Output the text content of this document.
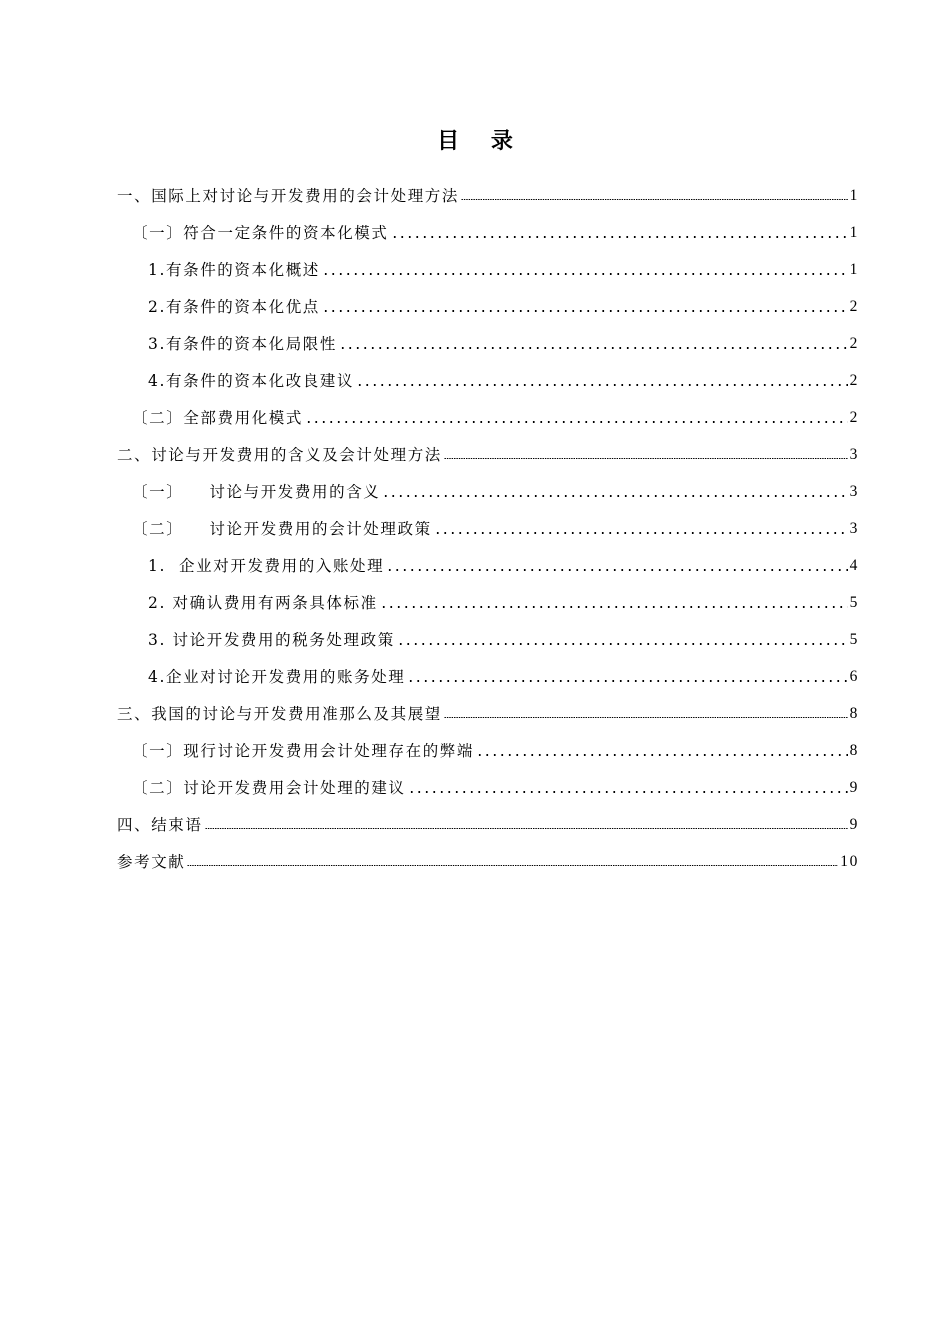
目 录
一、国际上对讨论与开发费用的会计处理方法	1
〔一〕符合一定条件的资本化模式	1
1.有条件的资本化概述	1
2.有条件的资本化优点	2
3.有条件的资本化局限性	2
4.有条件的资本化改良建议	2
〔二〕全部费用化模式	2
二、讨论与开发费用的含义及会计处理方法	3
〔一〕    讨论与开发费用的含义	3
〔二〕    讨论开发费用的会计处理政策	3
1.  企业对开发费用的入账处理	4
2. 对确认费用有两条具体标准	5
3. 讨论开发费用的税务处理政策	5
4.企业对讨论开发费用的账务处理	6
三、我国的讨论与开发费用准那么及其展望	8
〔一〕现行讨论开发费用会计处理存在的弊端	8
〔二〕讨论开发费用会计处理的建议	9
四、结束语	9
参考文献	10
